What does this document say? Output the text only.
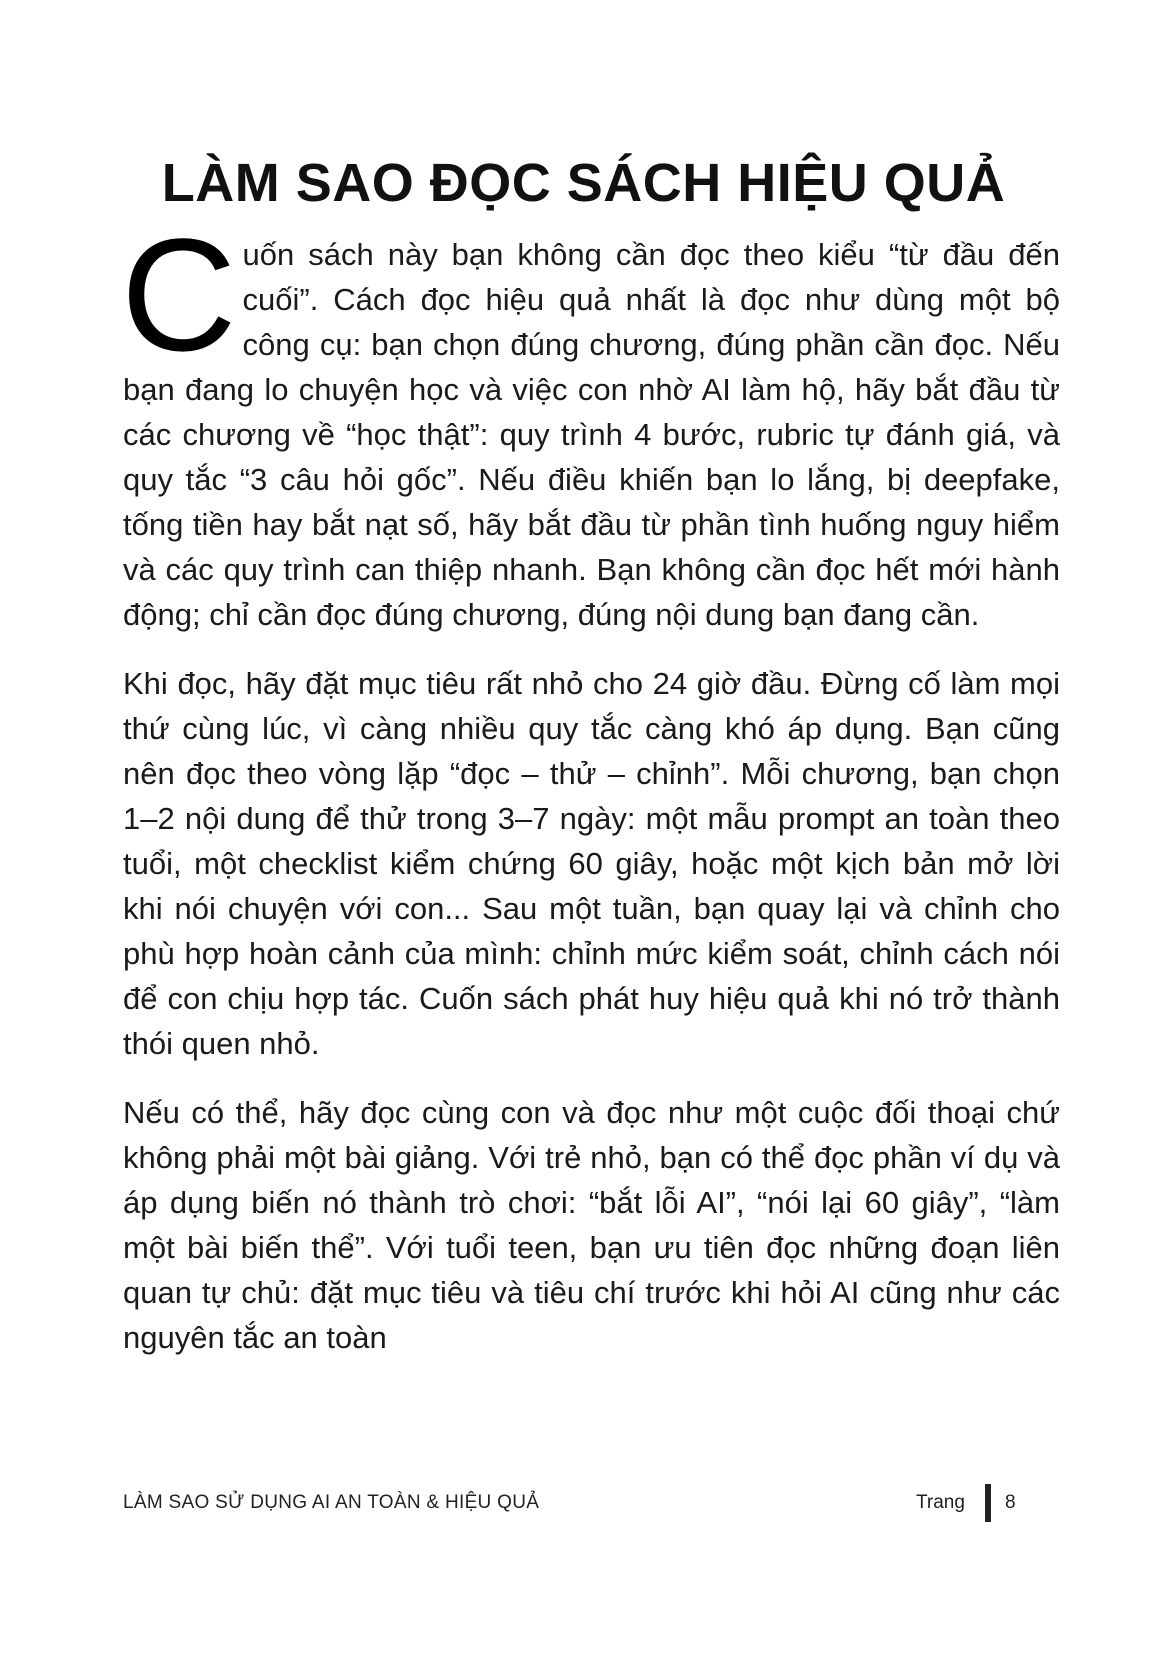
LÀM SAO ĐỌC SÁCH HIỆU QUẢ

Cuốn sách này bạn không cần đọc theo kiểu “từ đầu đến cuối”. Cách đọc hiệu quả nhất là đọc như dùng một bộ công cụ: bạn chọn đúng chương, đúng phần cần đọc. Nếu bạn đang lo chuyện học và việc con nhờ AI làm hộ, hãy bắt đầu từ các chương về “học thật”: quy trình 4 bước, rubric tự đánh giá, và quy tắc “3 câu hỏi gốc”. Nếu điều khiến bạn lo lắng, bị deepfake, tống tiền hay bắt nạt số, hãy bắt đầu từ phần tình huống nguy hiểm và các quy trình can thiệp nhanh. Bạn không cần đọc hết mới hành động; chỉ cần đọc đúng chương, đúng nội dung bạn đang cần.

Khi đọc, hãy đặt mục tiêu rất nhỏ cho 24 giờ đầu. Đừng cố làm mọi thứ cùng lúc, vì càng nhiều quy tắc càng khó áp dụng. Bạn cũng nên đọc theo vòng lặp “đọc – thử – chỉnh”. Mỗi chương, bạn chọn 1–2 nội dung để thử trong 3–7 ngày: một mẫu prompt an toàn theo tuổi, một checklist kiểm chứng 60 giây, hoặc một kịch bản mở lời khi nói chuyện với con... Sau một tuần, bạn quay lại và chỉnh cho phù hợp hoàn cảnh của mình: chỉnh mức kiểm soát, chỉnh cách nói để con chịu hợp tác. Cuốn sách phát huy hiệu quả khi nó trở thành thói quen nhỏ.

Nếu có thể, hãy đọc cùng con và đọc như một cuộc đối thoại chứ không phải một bài giảng. Với trẻ nhỏ, bạn có thể đọc phần ví dụ và áp dụng biến nó thành trò chơi: “bắt lỗi AI”, “nói lại 60 giây”, “làm một bài biến thể”. Với tuổi teen, bạn ưu tiên đọc những đoạn liên quan tự chủ: đặt mục tiêu và tiêu chí trước khi hỏi AI cũng như các nguyên tắc an toàn

LÀM SAO SỬ DỤNG AI AN TOÀN & HIỆU QUẢ	Trang 8
